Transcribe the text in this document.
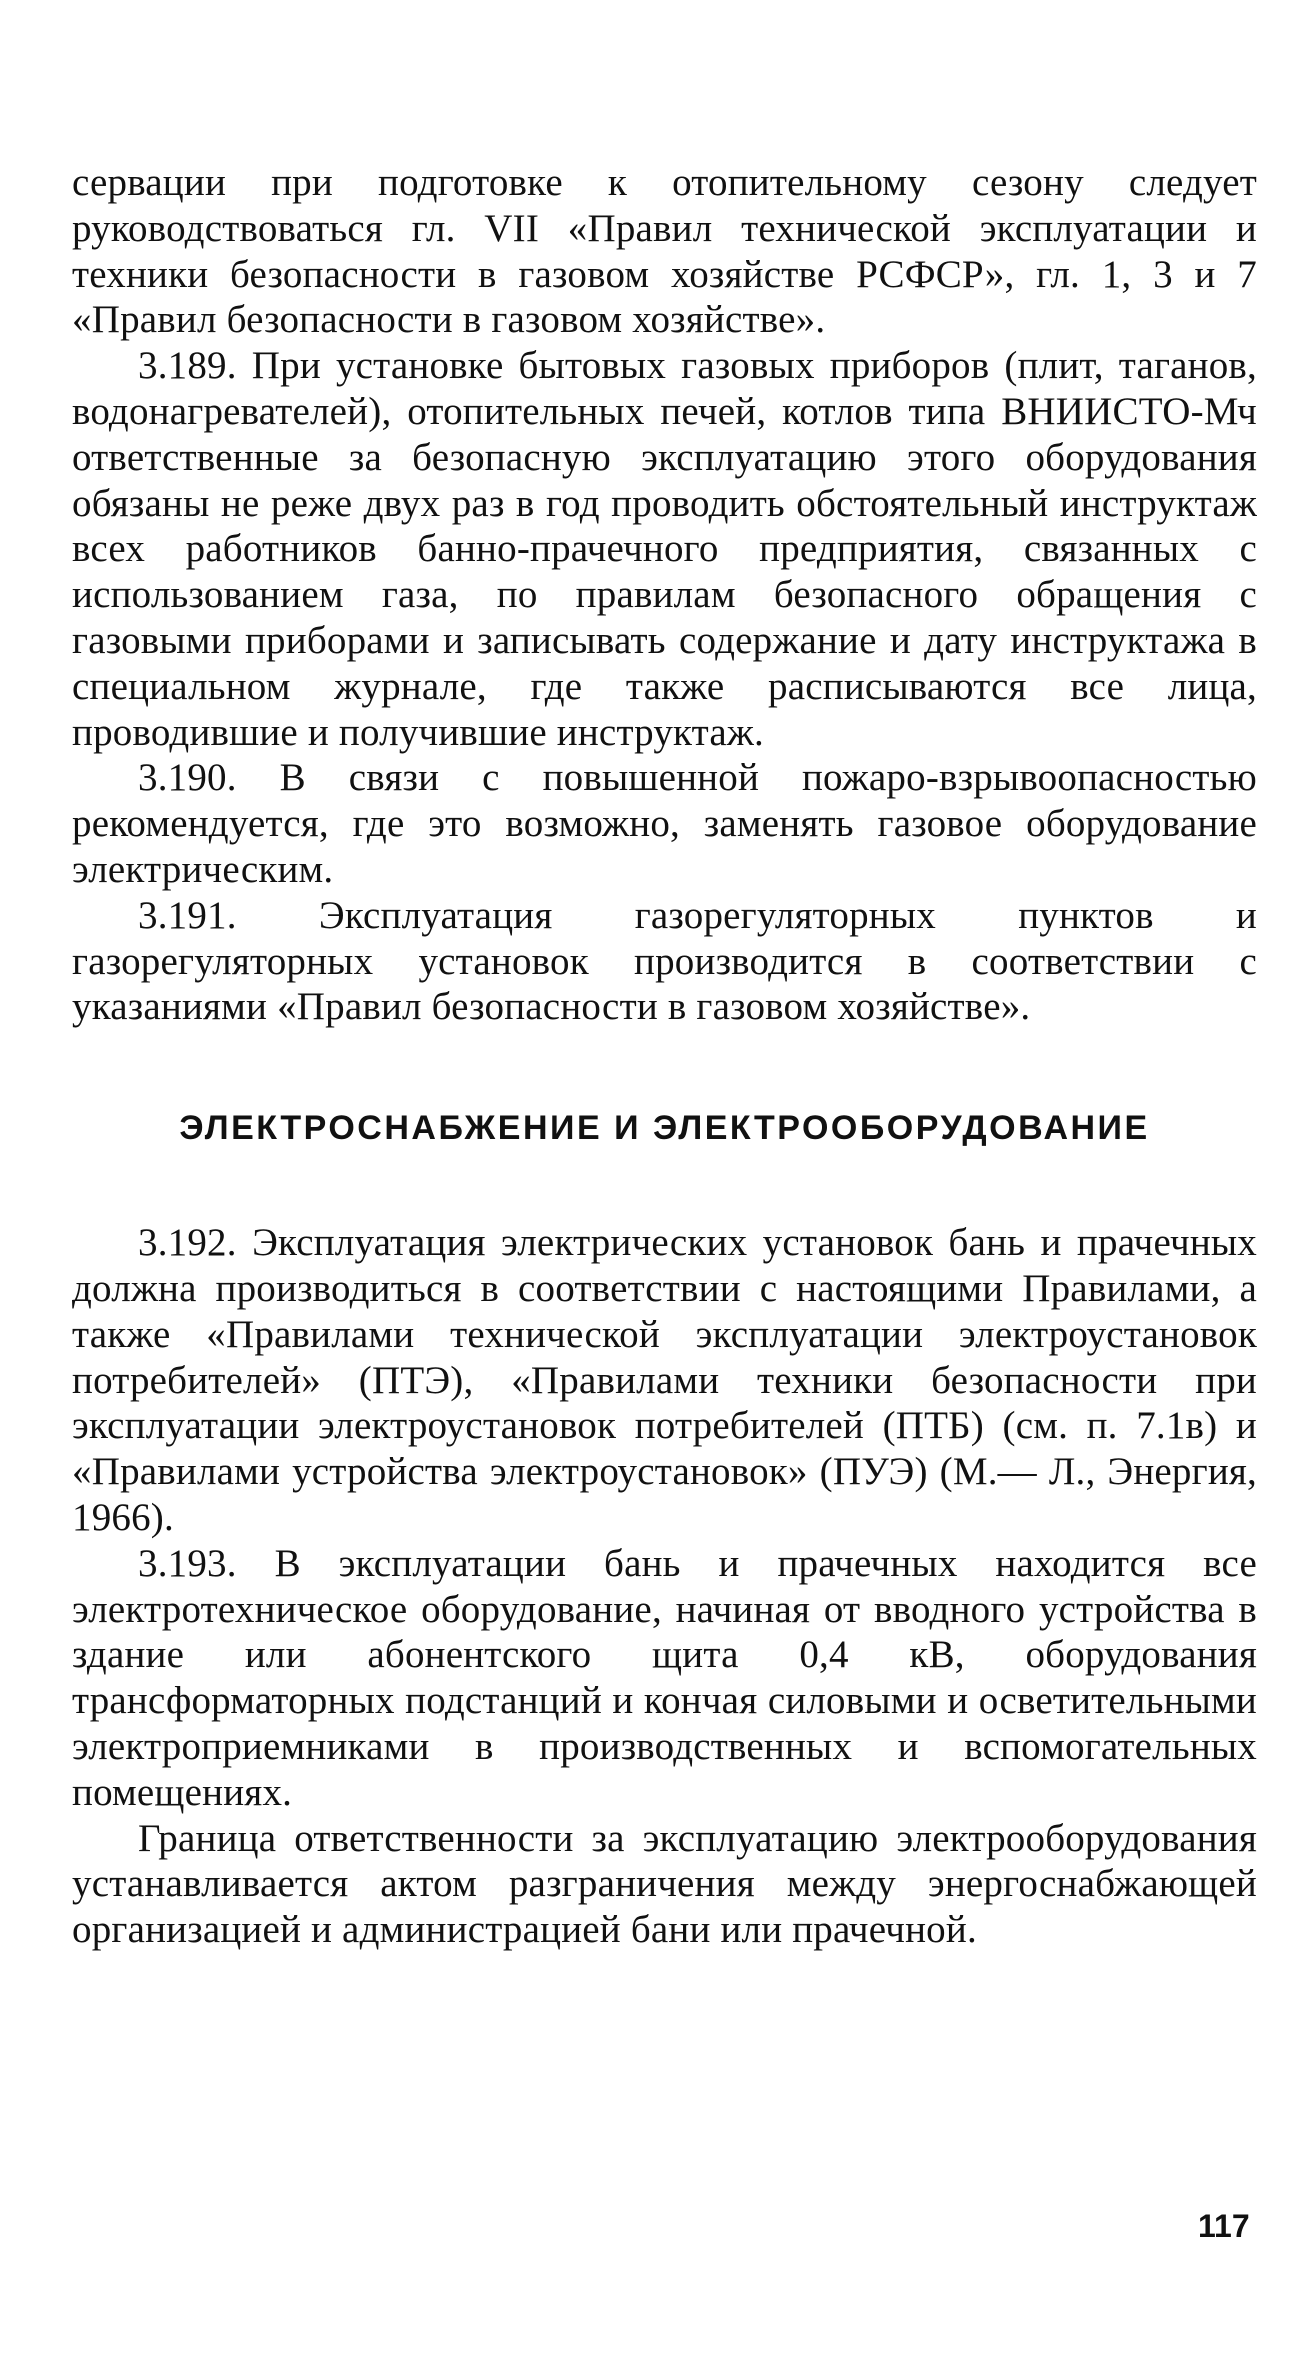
сервации при подготовке к отопительному сезону следует руководствоваться гл. VII «Правил технической эксплуатации и техники безопасности в газовом хозяйстве РСФСР», гл. 1, 3 и 7 «Правил безопасности в газовом хозяйстве».

3.189. При установке бытовых газовых приборов (плит, таганов, водонагревателей), отопительных печей, котлов типа ВНИИСТО-Мч ответственные за безопасную эксплуатацию этого оборудования обязаны не реже двух раз в год проводить обстоятельный инструктаж всех работников банно-прачечного предприятия, связанных с использованием газа, по правилам безопасного обращения с газовыми приборами и записывать содержание и дату инструктажа в специальном журнале, где также расписываются все лица, проводившие и получившие инструктаж.

3.190. В связи с повышенной пожаро-взрывоопасностью рекомендуется, где это возможно, заменять газовое оборудование электрическим.

3.191. Эксплуатация газорегуляторных пунктов и газорегуляторных установок производится в соответствии с указаниями «Правил безопасности в газовом хозяйстве».

ЭЛЕКТРОСНАБЖЕНИЕ И ЭЛЕКТРООБОРУДОВАНИЕ

3.192. Эксплуатация электрических установок бань и прачечных должна производиться в соответствии с настоящими Правилами, а также «Правилами технической эксплуатации электроустановок потребителей» (ПТЭ), «Правилами техники безопасности при эксплуатации электроустановок потребителей (ПТБ) (см. п. 7.1в) и «Правилами устройства электроустановок» (ПУЭ) (М.— Л., Энергия, 1966).

3.193. В эксплуатации бань и прачечных находится все электротехническое оборудование, начиная от вводного устройства в здание или абонентского щита 0,4 кВ, оборудования трансформаторных подстанций и кончая силовыми и осветительными электроприемниками в производственных и вспомогательных помещениях.

Граница ответственности за эксплуатацию электрооборудования устанавливается актом разграничения между энергоснабжающей организацией и администрацией бани или прачечной.

117
